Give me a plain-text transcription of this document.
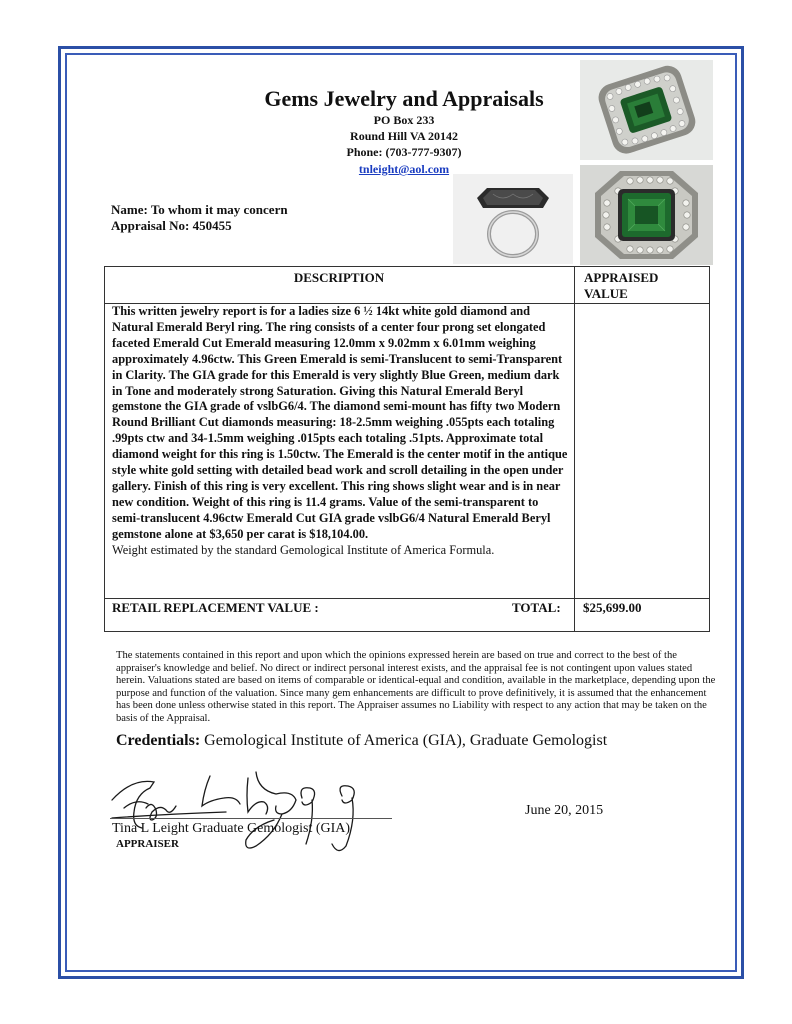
Gems Jewelry and Appraisals
PO Box 233
Round Hill VA 20142
Phone: (703-777-9307)
tnleight@aol.com
Name: To whom it may concern
Appraisal No: 450455
DESCRIPTION	APPRAISED VALUE
This written jewelry report is for a ladies size 6 ½ 14kt white gold diamond and Natural Emerald Beryl ring. The ring consists of a center four prong set elongated faceted Emerald Cut Emerald measuring 12.0mm x 9.02mm x 6.01mm weighing approximately 4.96ctw. This Green Emerald is semi-Translucent to semi-Transparent in Clarity. The GIA grade for this Emerald is very slightly Blue Green, medium dark in Tone and moderately strong Saturation. Giving this Natural Emerald Beryl gemstone the GIA grade of vslbG6/4. The diamond semi-mount has fifty two Modern Round Brilliant Cut diamonds measuring: 18-2.5mm weighing .055pts each totaling .99pts ctw and 34-1.5mm weighing .015pts each totaling .51pts. Approximate total diamond weight for this ring is 1.50ctw. The Emerald is the center motif in the antique style white gold setting with detailed bead work and scroll detailing in the open under gallery. Finish of this ring is very excellent. This ring shows slight wear and is in near new condition. Weight of this ring is 11.4 grams. Value of the semi-transparent to semi-translucent 4.96ctw Emerald Cut GIA grade vslbG6/4 Natural Emerald Beryl gemstone alone at $3,650 per carat is $18,104.00.
Weight estimated by the standard Gemological Institute of America Formula.
RETAIL REPLACEMENT VALUE :	TOTAL: $25,699.00
The statements contained in this report and upon which the opinions expressed herein are based on true and correct to the best of the appraiser's knowledge and belief. No direct or indirect personal interest exists, and the appraisal fee is not contingent upon values stated herein. Valuations stated are based on items of comparable or identical-equal and condition, available in the marketplace, depending upon the purpose and function of the valuation. Since many gem enhancements are difficult to prove definitively, it is assumed that the enhancement has been done unless otherwise stated in this report. The Appraiser assumes no Liability with respect to any action that may be taken on the basis of the Appraisal.
Credentials: Gemological Institute of America (GIA), Graduate Gemologist
Tina L Leight Graduate Gemologist (GIA)
APPRAISER
June 20, 2015
